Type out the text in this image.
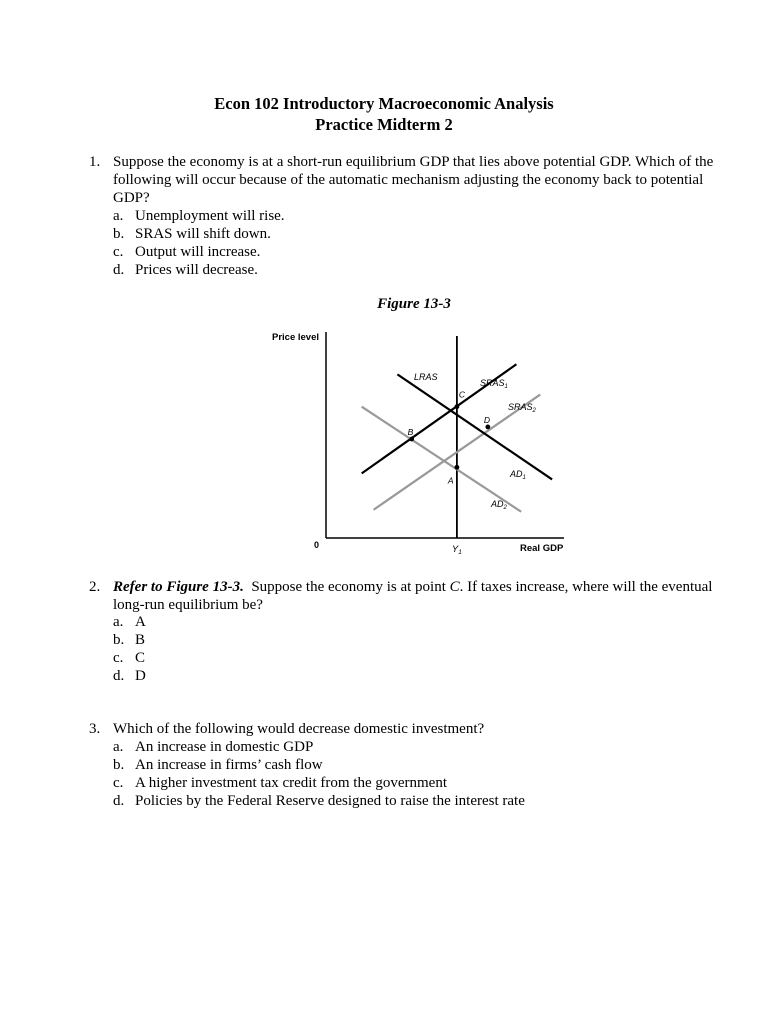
Econ 102 Introductory Macroeconomic Analysis
Practice Midterm 2
1. Suppose the economy is at a short-run equilibrium GDP that lies above potential GDP. Which of the following will occur because of the automatic mechanism adjusting the economy back to potential GDP?
a. Unemployment will rise.
b. SRAS will shift down.
c. Output will increase.
d. Prices will decrease.
Figure 13-3
Price level
Real GDP
0	$Y_1$
A
B
C
D
LRAS
$SRAS_1$
$SRAS_2$
$AD_1$
$AD_2$
2. Refer to Figure 13-3.  Suppose the economy is at point C. If taxes increase, where will the eventual long-run equilibrium be?
a. A
b. B
c. C
d. D
3. Which of the following would decrease domestic investment?
a. An increase in domestic GDP
b. An increase in firms’ cash flow
c. A higher investment tax credit from the government
d. Policies by the Federal Reserve designed to raise the interest rate
